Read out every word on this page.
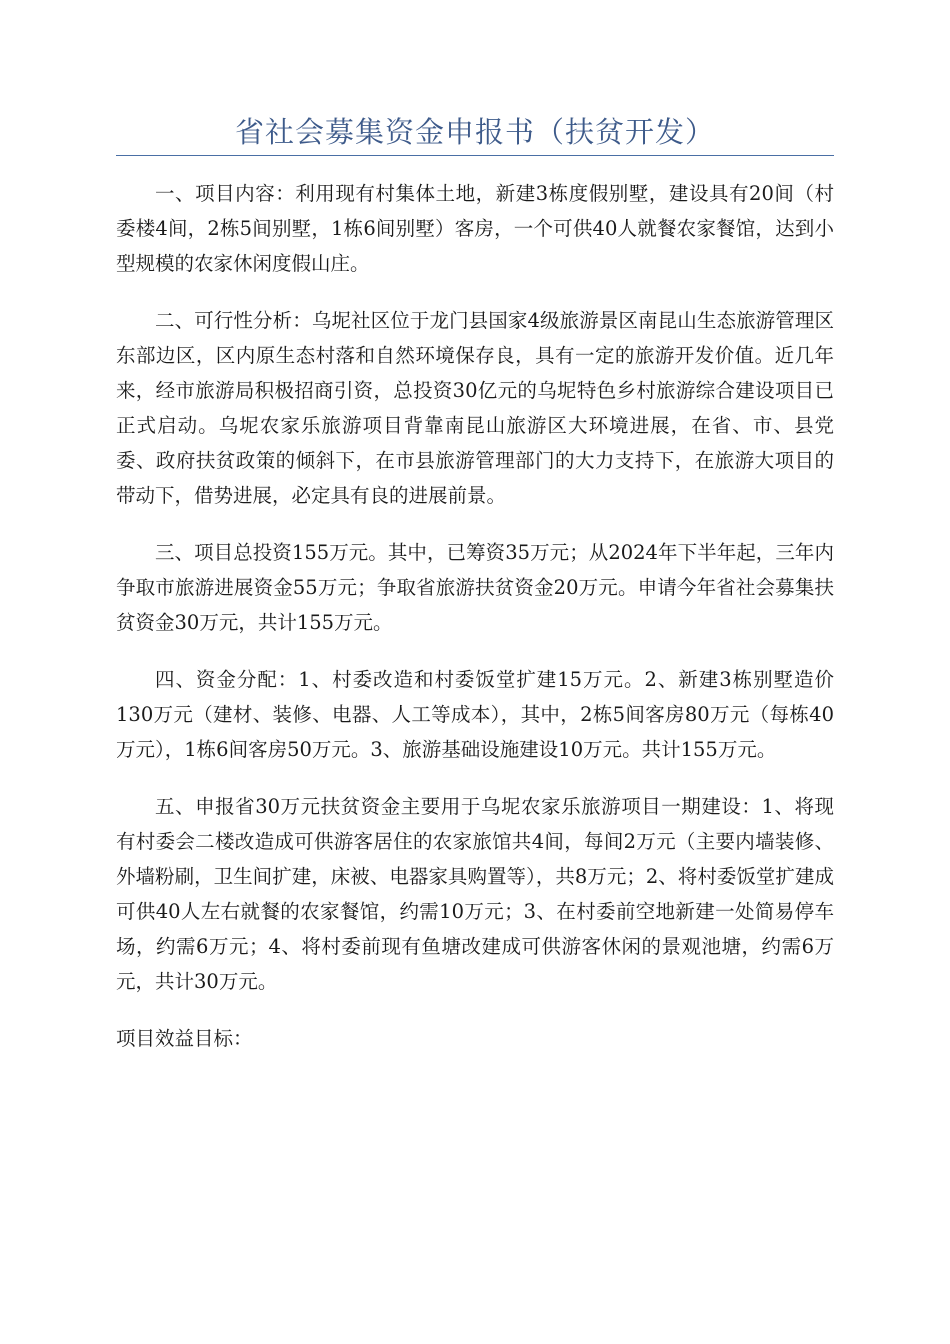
省社会募集资金申报书（扶贫开发）

一、项目内容：利用现有村集体土地，新建3栋度假别墅，建设具有20间（村委楼4间，2栋5间别墅，1栋6间别墅）客房，一个可供40人就餐农家餐馆，达到小型规模的农家休闲度假山庄。

二、可行性分析：乌坭社区位于龙门县国家4级旅游景区南昆山生态旅游管理区东部边区，区内原生态村落和自然环境保存良，具有一定的旅游开发价值。近几年来，经市旅游局积极招商引资，总投资30亿元的乌坭特色乡村旅游综合建设项目已正式启动。乌坭农家乐旅游项目背靠南昆山旅游区大环境进展，在省、市、县党委、政府扶贫政策的倾斜下，在市县旅游管理部门的大力支持下，在旅游大项目的带动下，借势进展，必定具有良的进展前景。

三、项目总投资155万元。其中，已筹资35万元；从2024年下半年起，三年内争取市旅游进展资金55万元；争取省旅游扶贫资金20万元。申请今年省社会募集扶贫资金30万元，共计155万元。

四、资金分配：1、村委改造和村委饭堂扩建15万元。2、新建3栋别墅造价130万元（建材、装修、电器、人工等成本），其中，2栋5间客房80万元（每栋40万元），1栋6间客房50万元。3、旅游基础设施建设10万元。共计155万元。

五、申报省30万元扶贫资金主要用于乌坭农家乐旅游项目一期建设：1、将现有村委会二楼改造成可供游客居住的农家旅馆共4间，每间2万元（主要内墙装修、外墙粉刷，卫生间扩建，床被、电器家具购置等），共8万元；2、将村委饭堂扩建成可供40人左右就餐的农家餐馆，约需10万元；3、在村委前空地新建一处简易停车场，约需6万元；4、将村委前现有鱼塘改建成可供游客休闲的景观池塘，约需6万元，共计30万元。

项目效益目标：
